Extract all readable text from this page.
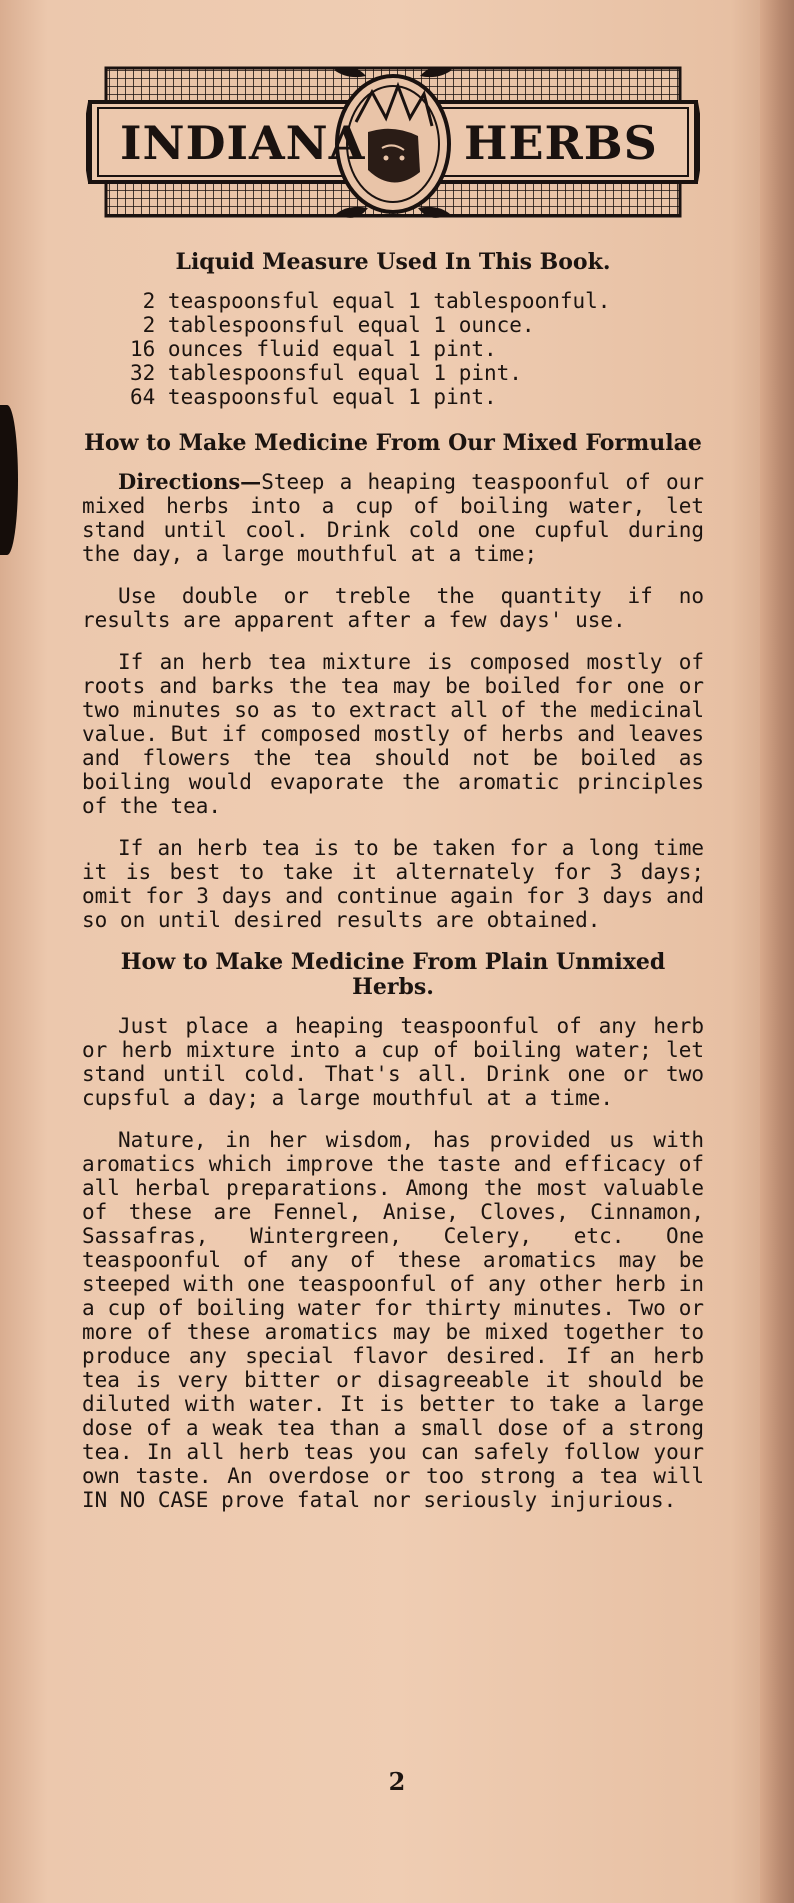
INDIANA HERBS
Liquid Measure Used In This Book.
2 teaspoonsful equal 1 tablespoonful.
2 tablespoonsful equal 1 ounce.
16 ounces fluid equal 1 pint.
32 tablespoonsful equal 1 pint.
64 teaspoonsful equal 1 pint.
How to Make Medicine From Our Mixed Formulae

Directions—Steep a heaping teaspoonful of our mixed herbs into a cup of boiling water, let stand until cool. Drink cold one cupful during the day, a large mouthful at a time;

Use double or treble the quantity if no results are apparent after a few days' use.

If an herb tea mixture is composed mostly of roots and barks the tea may be boiled for one or two minutes so as to extract all of the medicinal value. But if composed mostly of herbs and leaves and flowers the tea should not be boiled as boiling would evaporate the aromatic principles of the tea.

If an herb tea is to be taken for a long time it is best to take it alternately for 3 days; omit for 3 days and continue again for 3 days and so on until desired results are obtained.

How to Make Medicine From Plain Unmixed Herbs.

Just place a heaping teaspoonful of any herb or herb mixture into a cup of boiling water; let stand until cold. That's all. Drink one or two cupsful a day; a large mouthful at a time.

Nature, in her wisdom, has provided us with aromatics which improve the taste and efficacy of all herbal preparations. Among the most valuable of these are Fennel, Anise, Cloves, Cinnamon, Sassafras, Wintergreen, Celery, etc. One teaspoonful of any of these aromatics may be steeped with one teaspoonful of any other herb in a cup of boiling water for thirty minutes. Two or more of these aromatics may be mixed together to produce any special flavor desired. If an herb tea is very bitter or disagreeable it should be diluted with water. It is better to take a large dose of a weak tea than a small dose of a strong tea. In all herb teas you can safely follow your own taste. An overdose or too strong a tea will IN NO CASE prove fatal nor seriously injurious.

2
